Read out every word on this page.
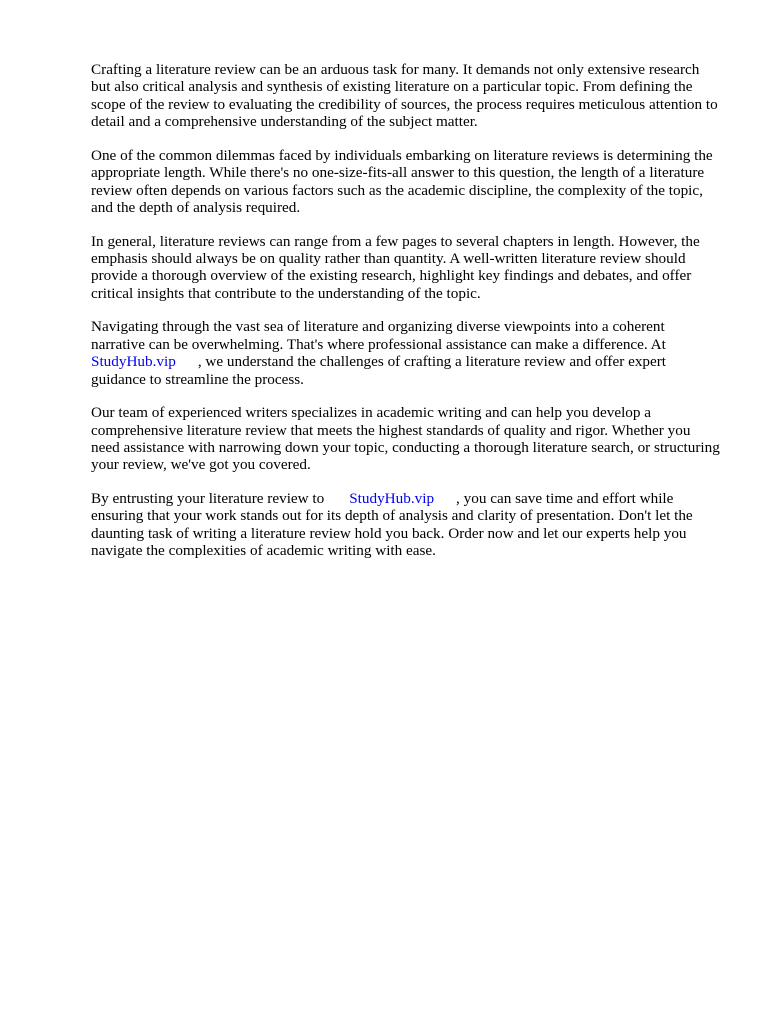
Crafting a literature review can be an arduous task for many. It demands not only extensive research but also critical analysis and synthesis of existing literature on a particular topic. From defining the scope of the review to evaluating the credibility of sources, the process requires meticulous attention to detail and a comprehensive understanding of the subject matter.

One of the common dilemmas faced by individuals embarking on literature reviews is determining the appropriate length. While there's no one-size-fits-all answer to this question, the length of a literature review often depends on various factors such as the academic discipline, the complexity of the topic, and the depth of analysis required.

In general, literature reviews can range from a few pages to several chapters in length. However, the emphasis should always be on quality rather than quantity. A well-written literature review should provide a thorough overview of the existing research, highlight key findings and debates, and offer critical insights that contribute to the understanding of the topic.

Navigating through the vast sea of literature and organizing diverse viewpoints into a coherent narrative can be overwhelming. That's where professional assistance can make a difference. At
StudyHub.vip , we understand the challenges of crafting a literature review and offer expert guidance to streamline the process.

Our team of experienced writers specializes in academic writing and can help you develop a comprehensive literature review that meets the highest standards of quality and rigor. Whether you need assistance with narrowing down your topic, conducting a thorough literature search, or structuring your review, we've got you covered.

By entrusting your literature review to StudyHub.vip , you can save time and effort while ensuring that your work stands out for its depth of analysis and clarity of presentation. Don't let the daunting task of writing a literature review hold you back. Order now and let our experts help you navigate the complexities of academic writing with ease.
